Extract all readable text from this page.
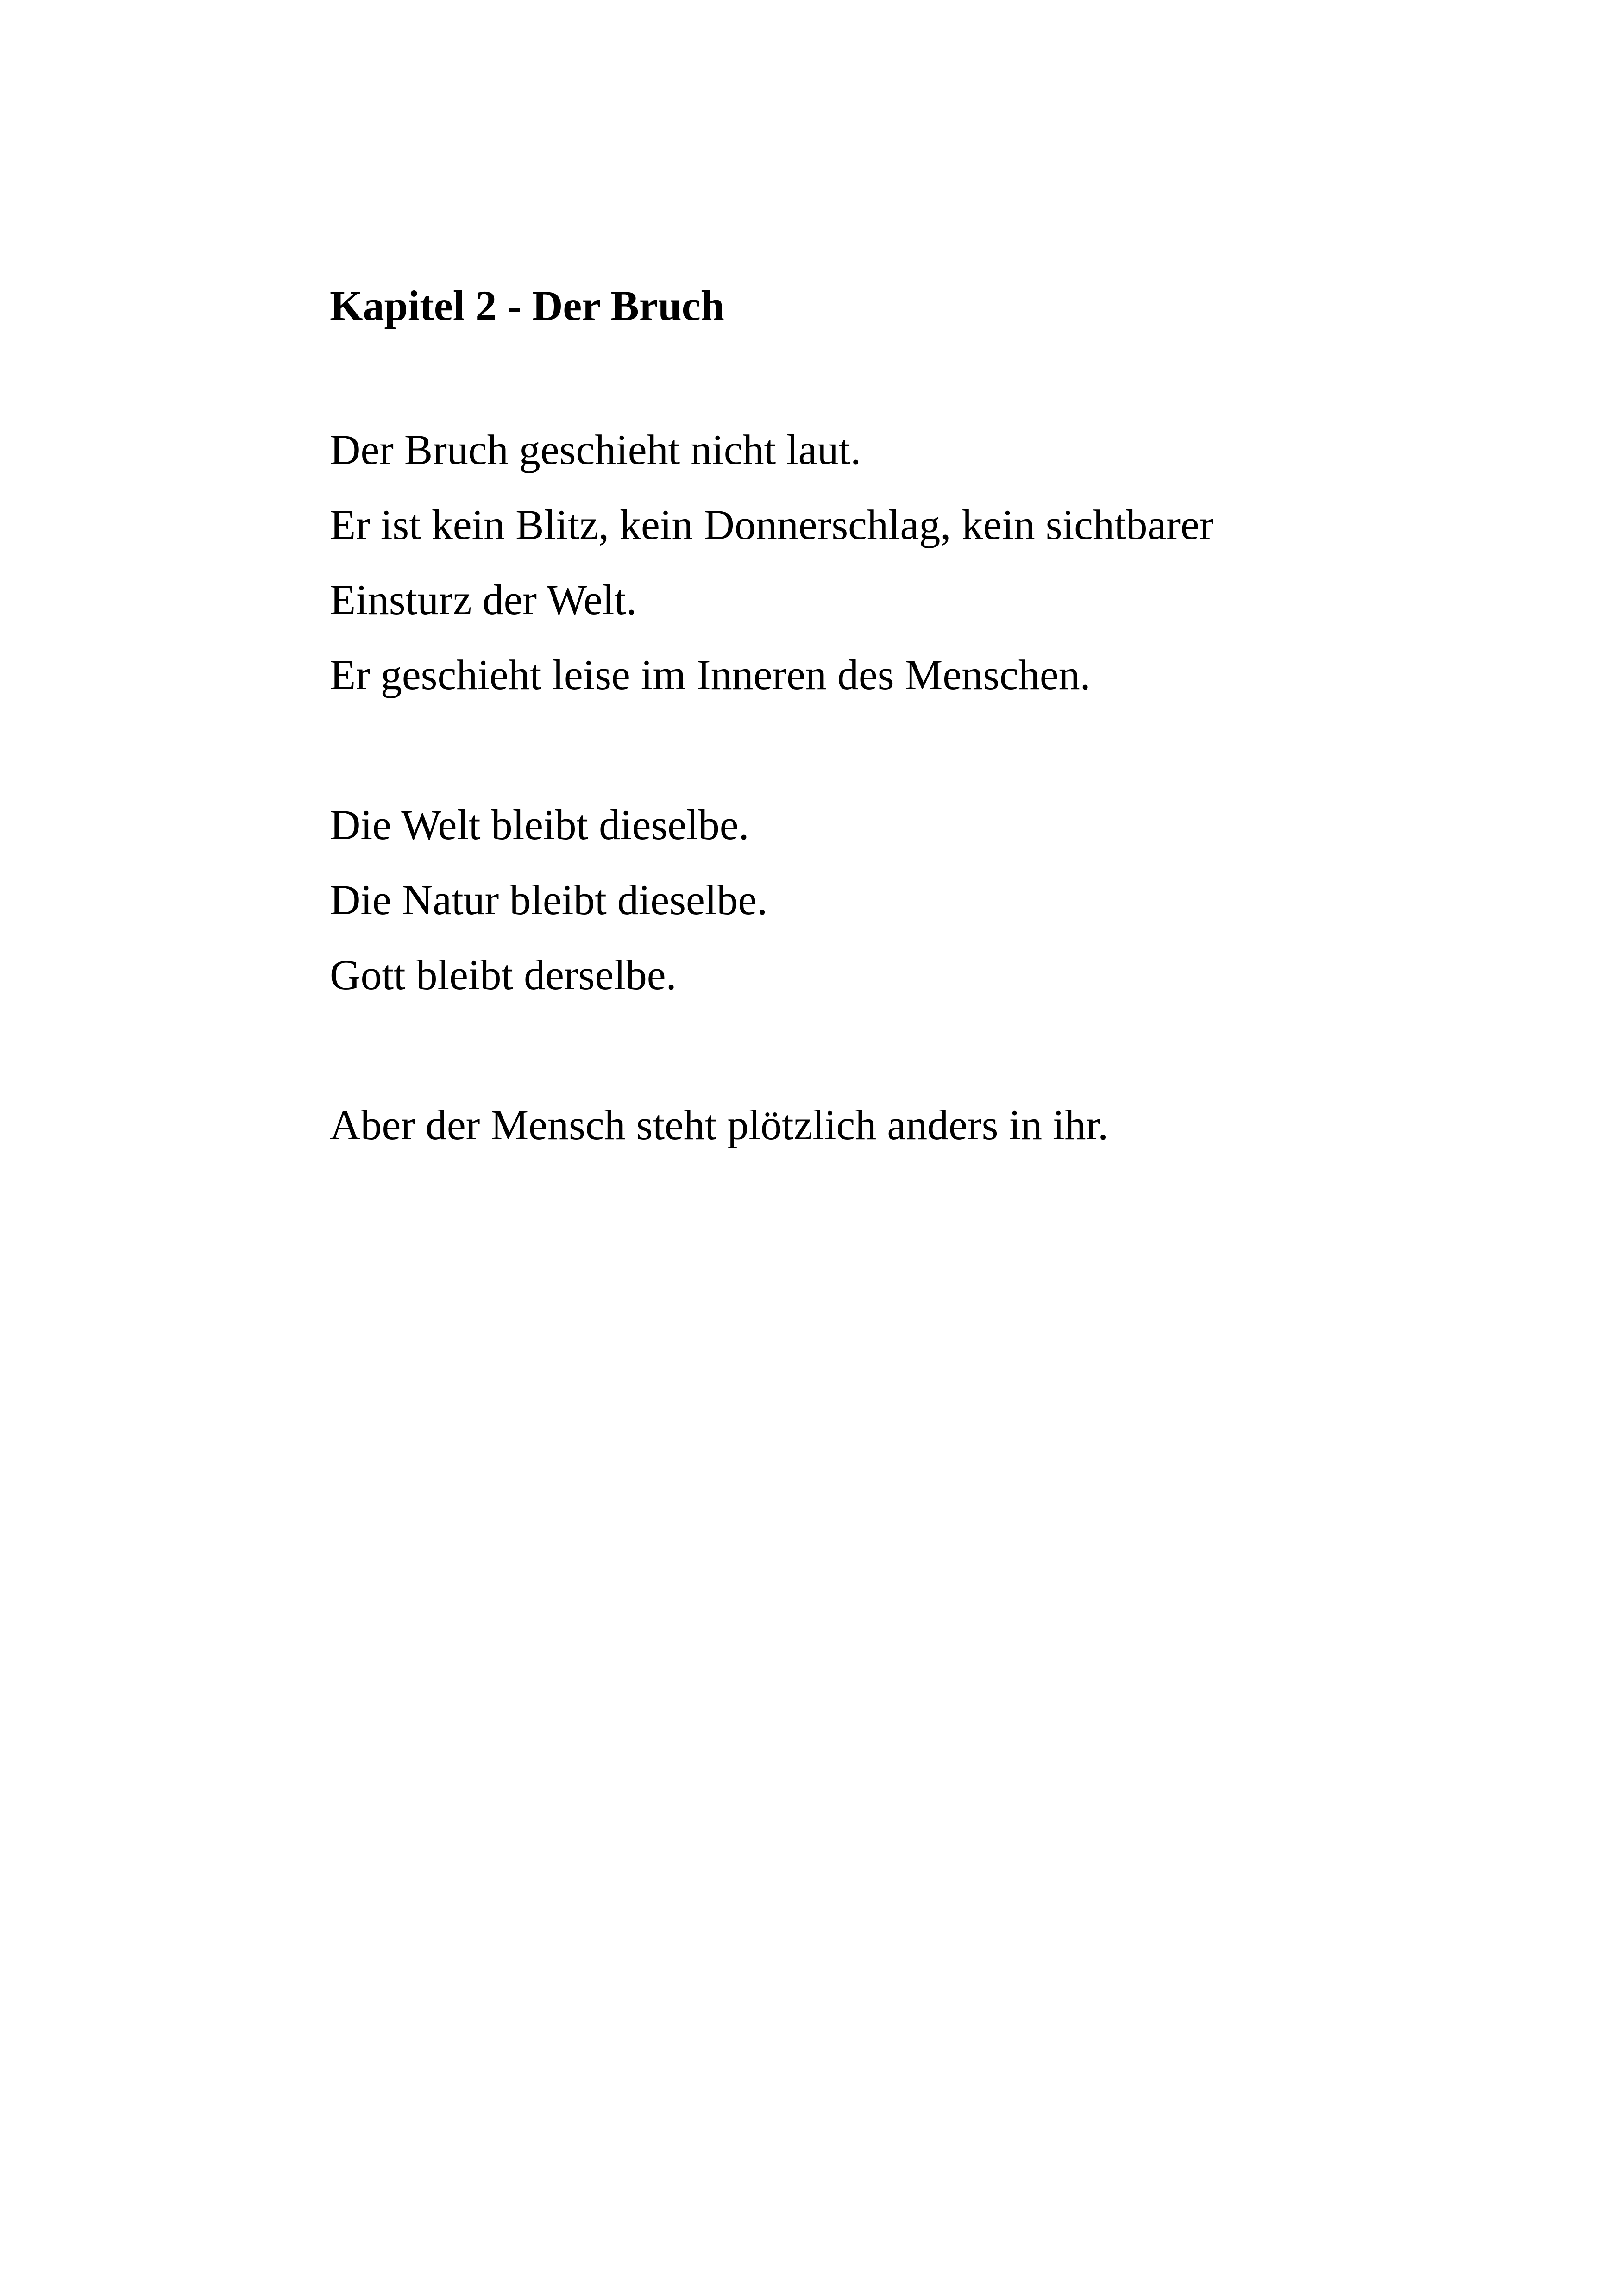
Kapitel 2 - Der Bruch

Der Bruch geschieht nicht laut.
Er ist kein Blitz, kein Donnerschlag, kein sichtbarer
Einsturz der Welt.
Er geschieht leise im Inneren des Menschen.

Die Welt bleibt dieselbe.
Die Natur bleibt dieselbe.
Gott bleibt derselbe.

Aber der Mensch steht plötzlich anders in ihr.
